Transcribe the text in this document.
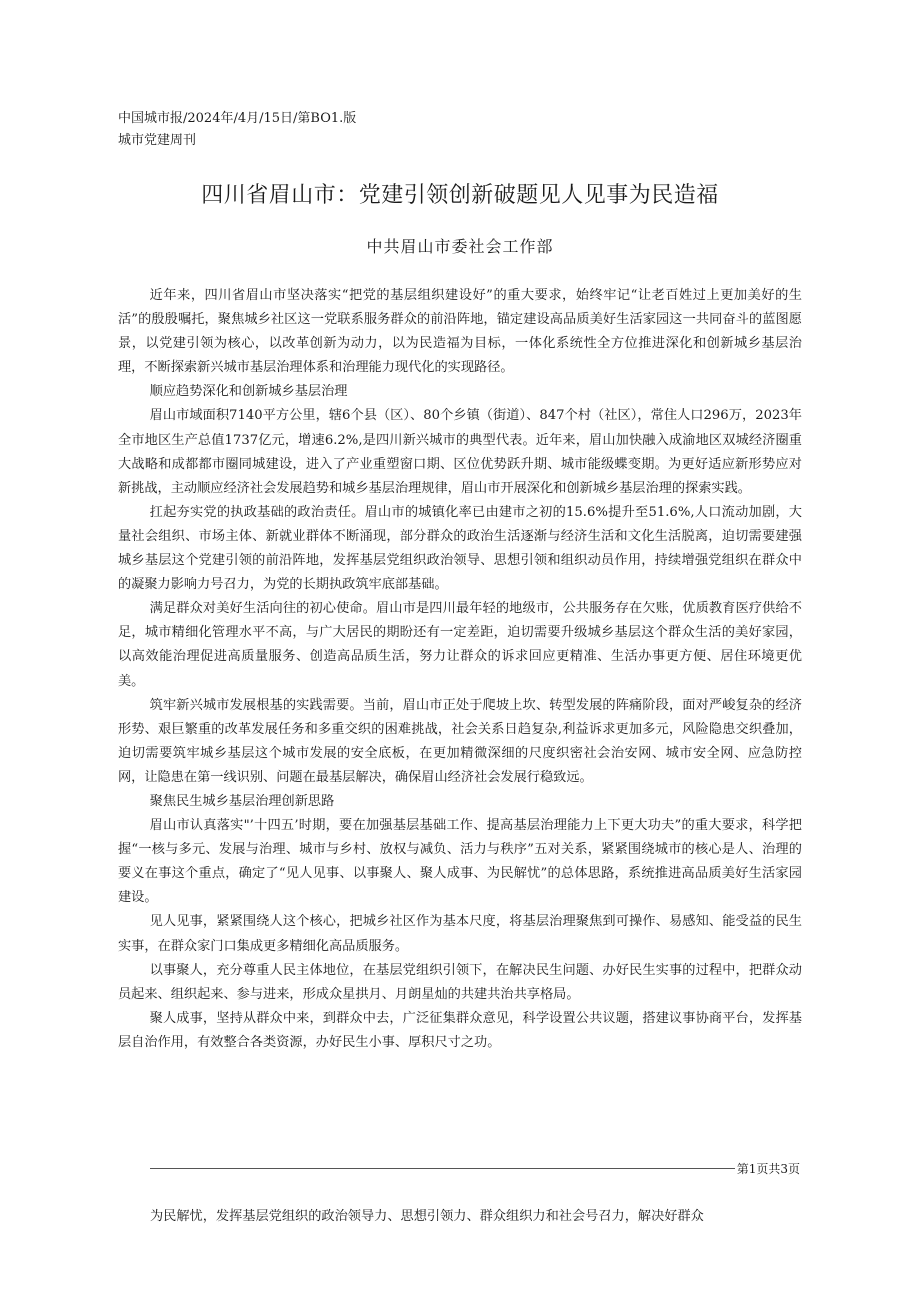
中国城市报/2024年/4月/15日/第BO1.版
城市党建周刊
四川省眉山市：党建引领创新破题见人见事为民造福
中共眉山市委社会工作部

近年来，四川省眉山市坚决落实“把党的基层组织建设好”的重大要求，始终牢记“让老百姓过上更加美好的生活”的殷殷嘱托，聚焦城乡社区这一党联系服务群众的前沿阵地，锚定建设高品质美好生活家园这一共同奋斗的蓝图愿景，以党建引领为核心，以改革创新为动力，以为民造福为目标，一体化系统性全方位推进深化和创新城乡基层治理，不断探索新兴城市基层治理体系和治理能力现代化的实现路径。

顺应趋势深化和创新城乡基层治理

眉山市域面积7140平方公里，辖6个县（区）、80个乡镇（街道）、847个村（社区），常住人口296万，2023年全市地区生产总值1737亿元，增速6.2%,是四川新兴城市的典型代表。近年来，眉山加快融入成渝地区双城经济圈重大战略和成都都市圈同城建设，进入了产业重塑窗口期、区位优势跃升期、城市能级蝶变期。为更好适应新形势应对新挑战，主动顺应经济社会发展趋势和城乡基层治理规律，眉山市开展深化和创新城乡基层治理的探索实践。

扛起夯实党的执政基础的政治责任。眉山市的城镇化率已由建市之初的15.6%提升至51.6%,人口流动加剧，大量社会组织、市场主体、新就业群体不断涌现，部分群众的政治生活逐渐与经济生活和文化生活脱离，迫切需要建强城乡基层这个党建引领的前沿阵地，发挥基层党组织政治领导、思想引领和组织动员作用，持续增强党组织在群众中的凝聚力影响力号召力，为党的长期执政筑牢底部基础。

满足群众对美好生活向往的初心使命。眉山市是四川最年轻的地级市，公共服务存在欠账，优质教育医疗供给不足，城市精细化管理水平不高，与广大居民的期盼还有一定差距，迫切需要升级城乡基层这个群众生活的美好家园，以高效能治理促进高质量服务、创造高品质生活，努力让群众的诉求回应更精准、生活办事更方便、居住环境更优美。

筑牢新兴城市发展根基的实践需要。当前，眉山市正处于爬坡上坎、转型发展的阵痛阶段，面对严峻复杂的经济形势、艰巨繁重的改革发展任务和多重交织的困难挑战，社会关系日趋复杂,利益诉求更加多元，风险隐患交织叠加，迫切需要筑牢城乡基层这个城市发展的安全底板，在更加精微深细的尺度织密社会治安网、城市安全网、应急防控网，让隐患在第一线识别、问题在最基层解决，确保眉山经济社会发展行稳致远。

聚焦民生城乡基层治理创新思路

眉山市认真落实"’十四五’时期，要在加强基层基础工作、提高基层治理能力上下更大功夫”的重大要求，科学把握“一核与多元、发展与治理、城市与乡村、放权与减负、活力与秩序”五对关系，紧紧围绕城市的核心是人、治理的要义在事这个重点，确定了“见人见事、以事聚人、聚人成事、为民解忧”的总体思路，系统推进高品质美好生活家园建设。

见人见事，紧紧围绕人这个核心，把城乡社区作为基本尺度，将基层治理聚焦到可操作、易感知、能受益的民生实事，在群众家门口集成更多精细化高品质服务。

以事聚人，充分尊重人民主体地位，在基层党组织引领下，在解决民生问题、办好民生实事的过程中，把群众动员起来、组织起来、参与进来，形成众星拱月、月朗星灿的共建共治共享格局。

聚人成事，坚持从群众中来，到群众中去，广泛征集群众意见，科学设置公共议题，搭建议事协商平台，发挥基层自治作用，有效整合各类资源，办好民生小事、厚积尺寸之功。

第1页共3页
为民解忧，发挥基层党组织的政治领导力、思想引领力、群众组织力和社会号召力，解决好群众
